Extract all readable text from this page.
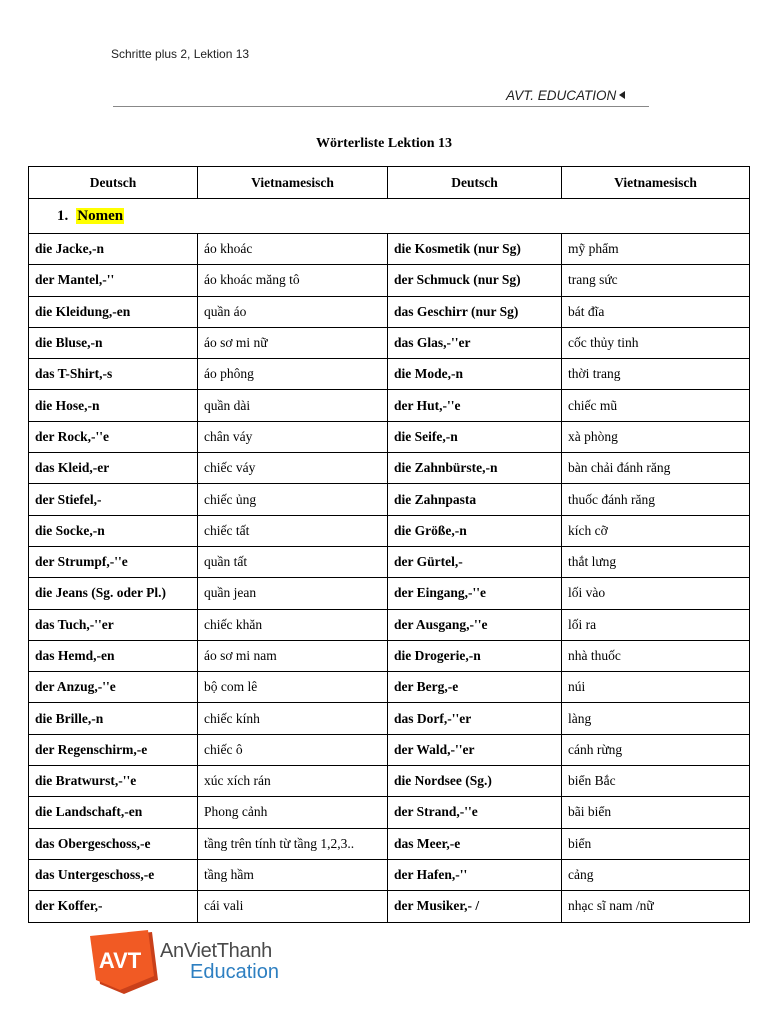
Schritte plus 2, Lektion 13
AVT. EDUCATION
Wörterliste Lektion 13
Deutsch	Vietnamesisch	Deutsch	Vietnamesisch
1. Nomen			
die Jacke,-n	áo khoác	die Kosmetik (nur Sg)	mỹ phẩm
der Mantel,-''	áo khoác măng tô	der Schmuck (nur Sg)	trang sức
die Kleidung,-en	quần áo	das Geschirr (nur Sg)	bát đĩa
die Bluse,-n	áo sơ mi nữ	das Glas,-''er	cốc thủy tinh
das T-Shirt,-s	áo phông	die Mode,-n	thời trang
die Hose,-n	quần dài	der Hut,-''e	chiếc mũ
der Rock,-''e	chân váy	die Seife,-n	xà phòng
das Kleid,-er	chiếc váy	die Zahnbürste,-n	bàn chải đánh răng
der Stiefel,-	chiếc ủng	die Zahnpasta	thuốc đánh răng
die Socke,-n	chiếc tất	die Größe,-n	kích cỡ
der Strumpf,-''e	quần tất	der Gürtel,-	thắt lưng
die Jeans (Sg. oder Pl.)	quần jean	der Eingang,-''e	lối vào
das Tuch,-''er	chiếc khăn	der Ausgang,-''e	lối ra
das Hemd,-en	áo sơ mi nam	die Drogerie,-n	nhà thuốc
der Anzug,-''e	bộ com lê	der Berg,-e	núi
die Brille,-n	chiếc kính	das Dorf,-''er	làng
der Regenschirm,-e	chiếc ô	der Wald,-''er	cánh rừng
die Bratwurst,-''e	xúc xích rán	die Nordsee (Sg.)	biển Bắc
die Landschaft,-en	Phong cảnh	der Strand,-''e	bãi biển
das Obergeschoss,-e	tầng trên tính từ tầng 1,2,3..	das Meer,-e	biển
das Untergeschoss,-e	tầng hầm	der Hafen,-''	cảng
der Koffer,-	cái vali	der Musiker,- /	nhạc sĩ nam /nữ
AVT AnVietThanh
Education
